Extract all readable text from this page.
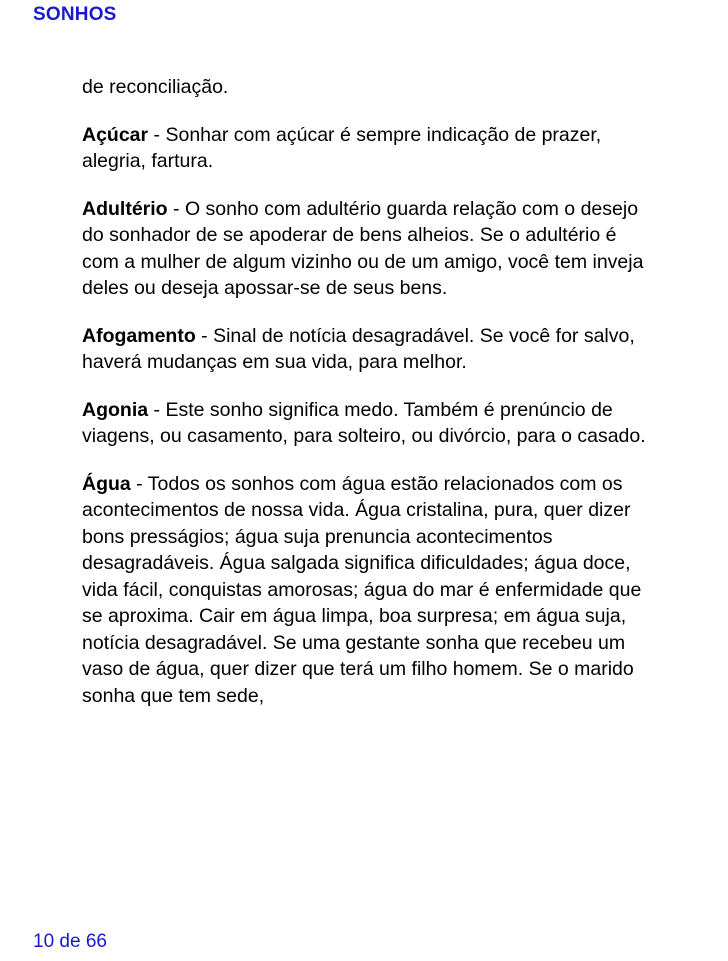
SONHOS

de reconciliação.

Açúcar - Sonhar com açúcar é sempre indicação de prazer, alegria, fartura.

Adultério - O sonho com adultério guarda relação com o desejo do sonhador de se apoderar de bens alheios. Se o adultério é com a mulher de algum vizinho ou de um amigo, você tem inveja deles ou deseja apossar-se de seus bens.

Afogamento - Sinal de notícia desagradável. Se você for salvo, haverá mudanças em sua vida, para melhor.

Agonia - Este sonho significa medo. Também é prenúncio de viagens, ou casamento, para solteiro, ou divórcio, para o casado.

Água - Todos os sonhos com água estão relacionados com os acontecimentos de nossa vida. Água cristalina, pura, quer dizer bons presságios; água suja prenuncia acontecimentos desagradáveis. Água salgada significa dificuldades; água doce, vida fácil, conquistas amorosas; água do mar é enfermidade que se aproxima. Cair em água limpa, boa surpresa; em água suja, notícia desagradável. Se uma gestante sonha que recebeu um vaso de água, quer dizer que terá um filho homem. Se o marido sonha que tem sede,

10 de 66
